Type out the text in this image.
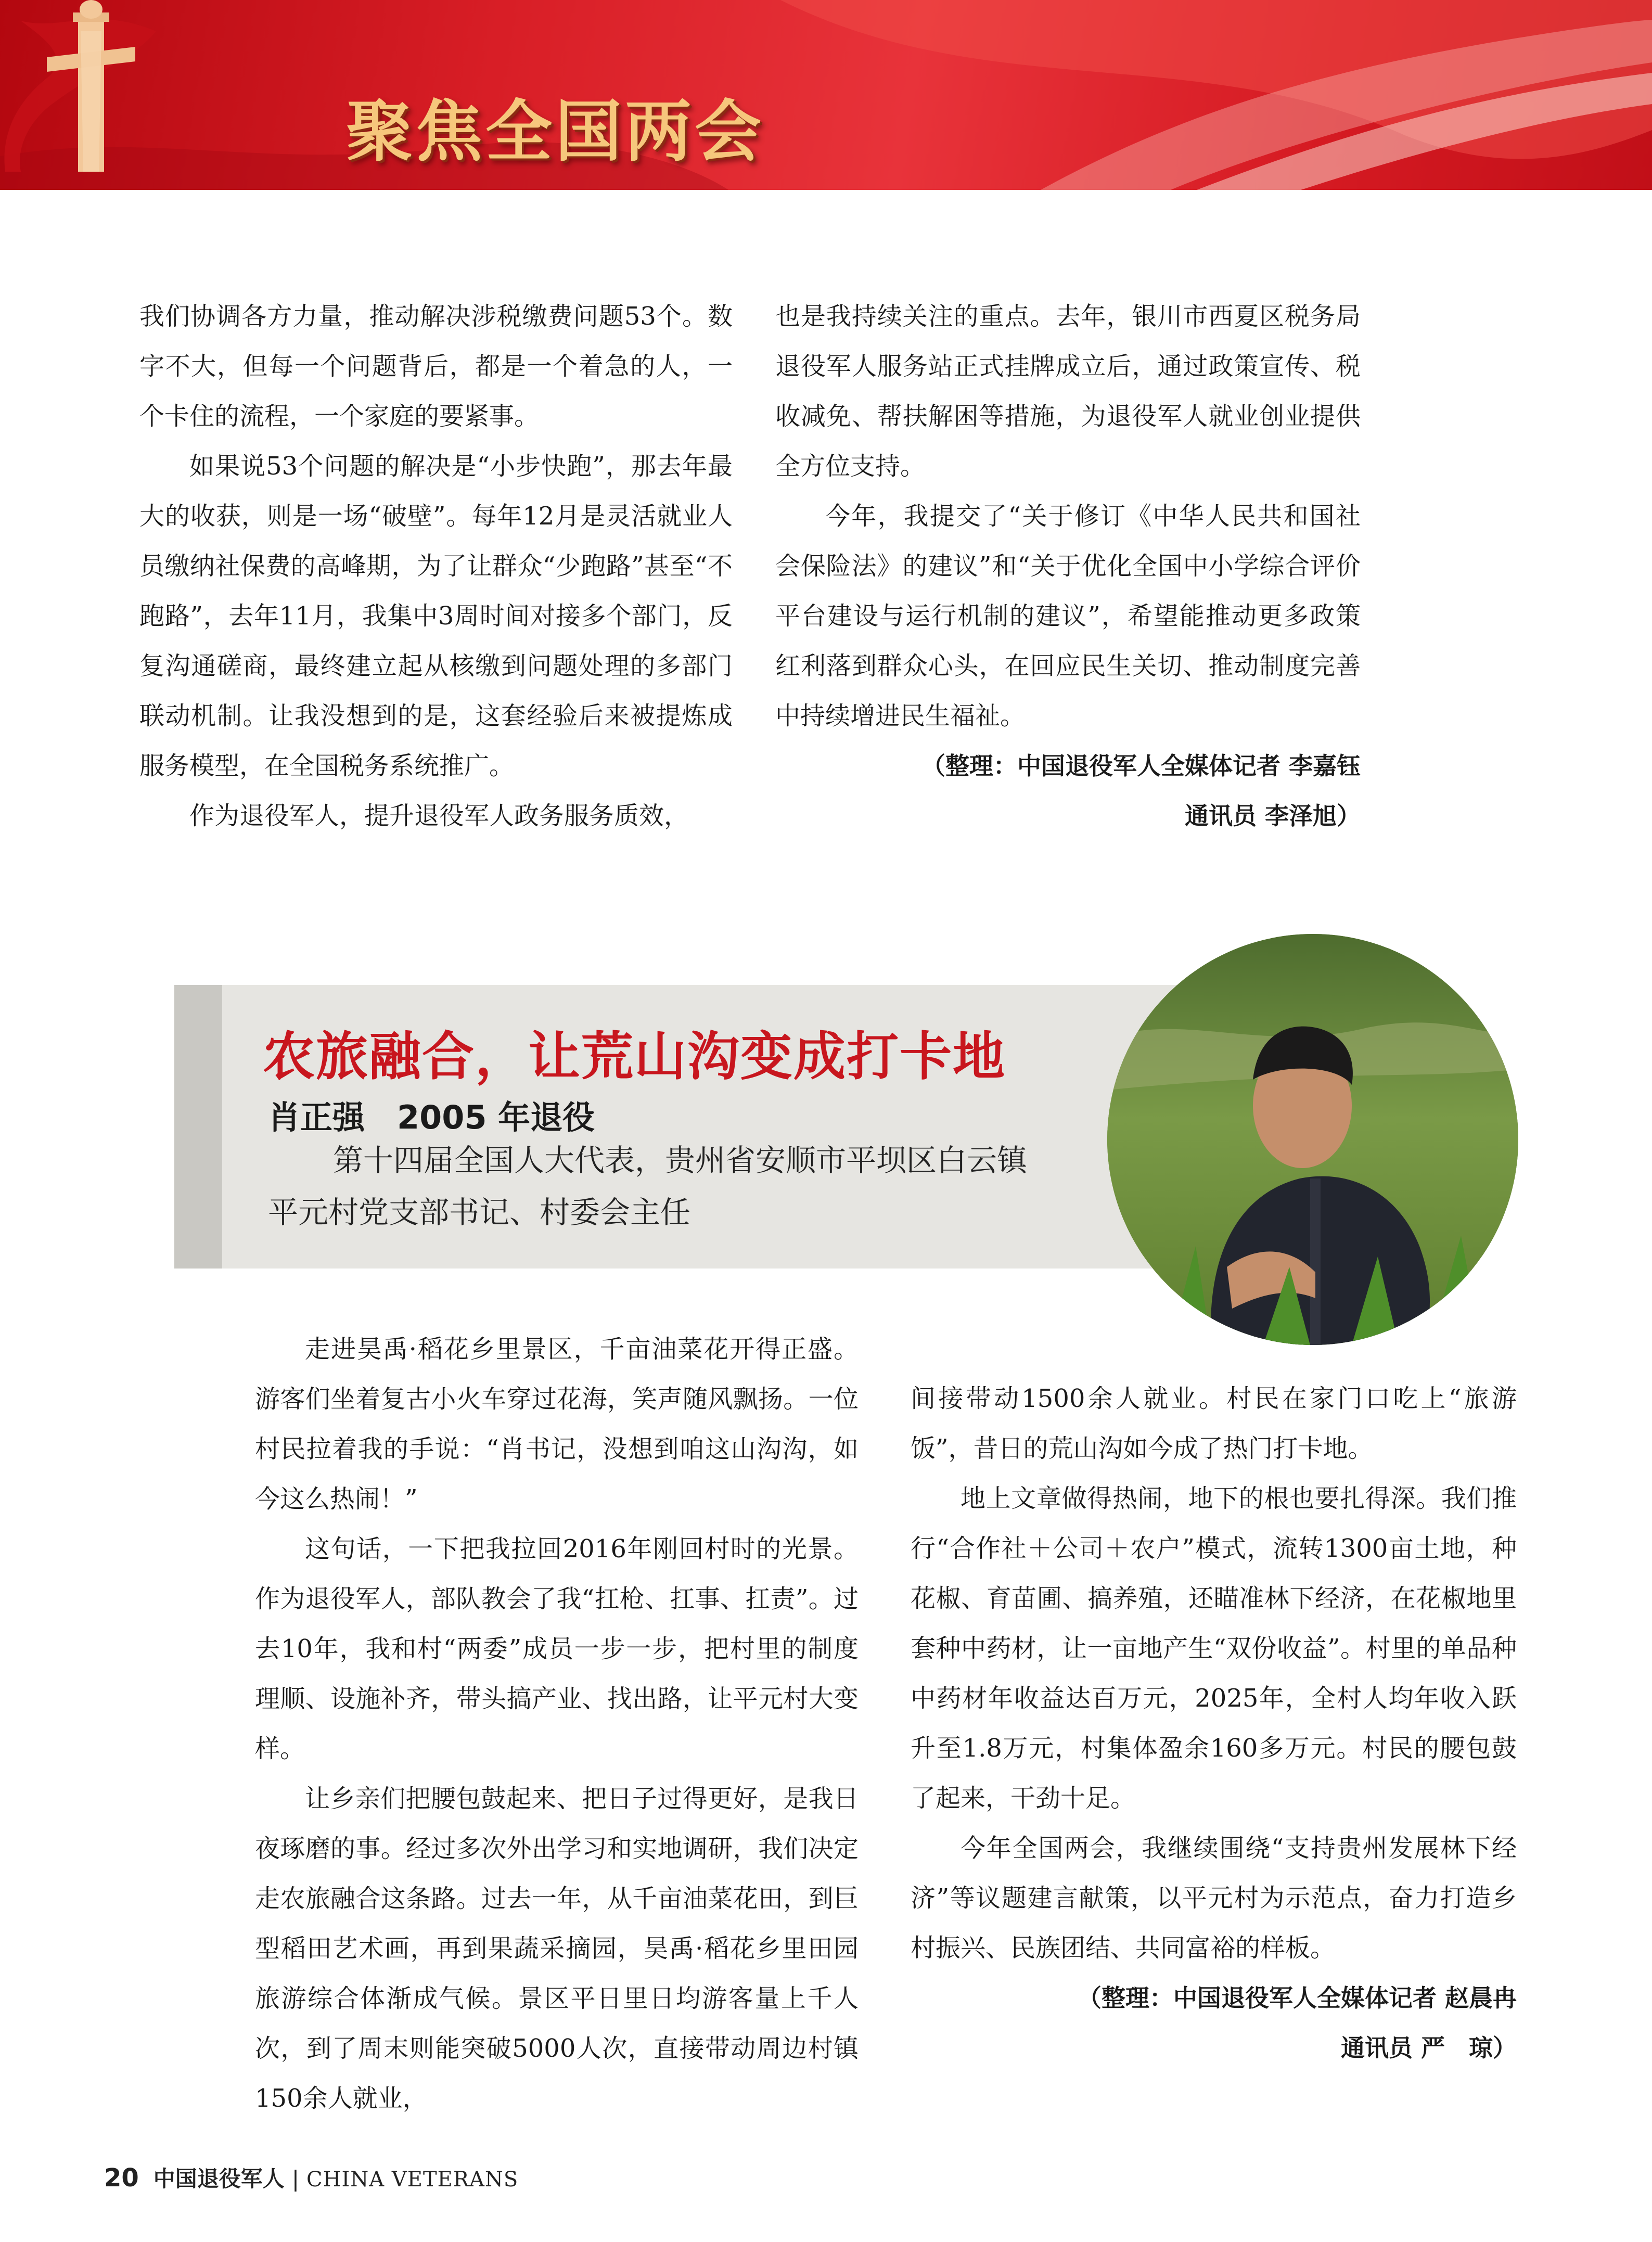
聚焦全国两会

我们协调各方力量，推动解决涉税缴费问题53个。数字不大，但每一个问题背后，都是一个着急的人，一个卡住的流程，一个家庭的要紧事。

如果说53个问题的解决是“小步快跑”，那去年最大的收获，则是一场“破壁”。每年12月是灵活就业人员缴纳社保费的高峰期，为了让群众“少跑路”甚至“不跑路”，去年11月，我集中3周时间对接多个部门，反复沟通磋商，最终建立起从核缴到问题处理的多部门联动机制。让我没想到的是，这套经验后来被提炼成服务模型，在全国税务系统推广。

作为退役军人，提升退役军人政务服务质效，

也是我持续关注的重点。去年，银川市西夏区税务局退役军人服务站正式挂牌成立后，通过政策宣传、税收减免、帮扶解困等措施，为退役军人就业创业提供全方位支持。

今年，我提交了“关于修订《中华人民共和国社会保险法》的建议”和“关于优化全国中小学综合评价平台建设与运行机制的建议”，希望能推动更多政策红利落到群众心头，在回应民生关切、推动制度完善中持续增进民生福祉。

（整理：中国退役军人全媒体记者 李嘉钰
通讯员 李泽旭）
农旅融合，让荒山沟变成打卡地
肖正强　2005 年退役
第十四届全国人大代表，贵州省安顺市平坝区白云镇
平元村党支部书记、村委会主任

走进昊禹·稻花乡里景区，千亩油菜花开得正盛。游客们坐着复古小火车穿过花海，笑声随风飘扬。一位村民拉着我的手说：“肖书记，没想到咱这山沟沟，如今这么热闹！”

这句话，一下把我拉回2016年刚回村时的光景。作为退役军人，部队教会了我“扛枪、扛事、扛责”。过去10年，我和村“两委”成员一步一步，把村里的制度理顺、设施补齐，带头搞产业、找出路，让平元村大变样。

让乡亲们把腰包鼓起来、把日子过得更好，是我日夜琢磨的事。经过多次外出学习和实地调研，我们决定走农旅融合这条路。过去一年，从千亩油菜花田，到巨型稻田艺术画，再到果蔬采摘园，昊禹·稻花乡里田园旅游综合体渐成气候。景区平日里日均游客量上千人次，到了周末则能突破5000人次，直接带动周边村镇150余人就业，

间接带动1500余人就业。村民在家门口吃上“旅游饭”，昔日的荒山沟如今成了热门打卡地。

地上文章做得热闹，地下的根也要扎得深。我们推行“合作社＋公司＋农户”模式，流转1300亩土地，种花椒、育苗圃、搞养殖，还瞄准林下经济，在花椒地里套种中药材，让一亩地产生“双份收益”。村里的单品种中药材年收益达百万元，2025年，全村人均年收入跃升至1.8万元，村集体盈余160多万元。村民的腰包鼓了起来，干劲十足。

今年全国两会，我继续围绕“支持贵州发展林下经济”等议题建言献策，以平元村为示范点，奋力打造乡村振兴、民族团结、共同富裕的样板。

（整理：中国退役军人全媒体记者 赵晨冉
通讯员 严　琼）
20 中国退役军人 | CHINA VETERANS
